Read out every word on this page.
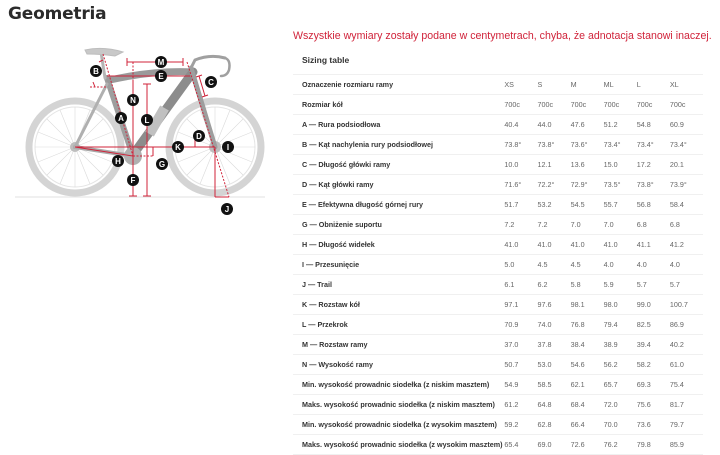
Geometria
M
E
B
C
N
A	L
D
K	I
H	G
F
J
Wszystkie wymiary zostały podane w centymetrach, chyba, że adnotacja stanowi inaczej.
Sizing table
Oznaczenie rozmiaru ramy	XS	S	M	ML	L	XL
Rozmiar kół	700c	700c	700c	700c	700c	700c
A — Rura podsiodłowa	40.4	44.0	47.6	51.2	54.8	60.9
B — Kąt nachylenia rury podsiodłowej	73.8°	73.8°	73.6°	73.4°	73.4°	73.4°
C — Długość główki ramy	10.0	12.1	13.6	15.0	17.2	20.1
D — Kąt główki ramy	71.6°	72.2°	72.9°	73.5°	73.8°	73.9°
E — Efektywna długość górnej rury	51.7	53.2	54.5	55.7	56.8	58.4
G — Obniżenie suportu	7.2	7.2	7.0	7.0	6.8	6.8
H — Długość widełek	41.0	41.0	41.0	41.0	41.1	41.2
I — Przesunięcie	5.0	4.5	4.5	4.0	4.0	4.0
J — Trail	6.1	6.2	5.8	5.9	5.7	5.7
K — Rozstaw kół	97.1	97.6	98.1	98.0	99.0	100.7
L — Przekrok	70.9	74.0	76.8	79.4	82.5	86.9
M — Rozstaw ramy	37.0	37.8	38.4	38.9	39.4	40.2
N — Wysokość ramy	50.7	53.0	54.6	56.2	58.2	61.0
Min. wysokość prowadnic siodełka (z niskim masztem)	54.9	58.5	62.1	65.7	69.3	75.4
Maks. wysokość prowadnic siodełka (z niskim masztem)	61.2	64.8	68.4	72.0	75.6	81.7
Min. wysokość prowadnic siodełka (z wysokim masztem)	59.2	62.8	66.4	70.0	73.6	79.7
Maks. wysokość prowadnic siodełka (z wysokim masztem) 65.4	69.0	72.6	76.2	79.8	85.9
